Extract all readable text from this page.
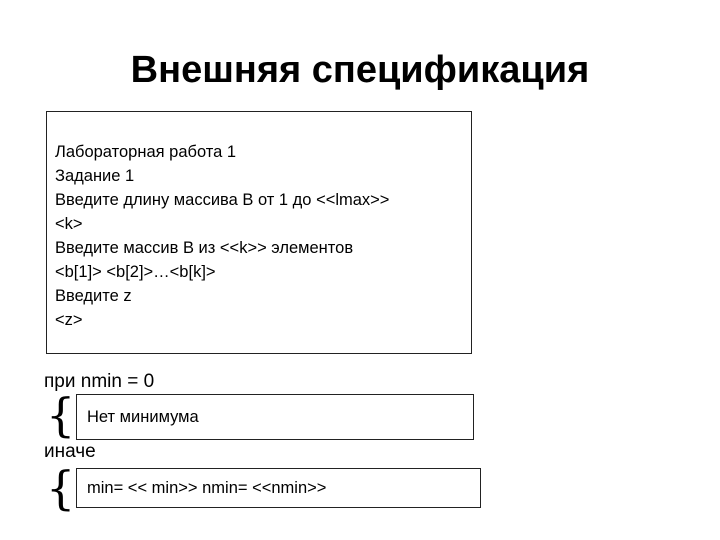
Внешняя спецификация
Лабораторная работа 1
Задание 1
Введите длину массива В от 1 до <<lmax>>
<k>
Введите массив В из <<k>> элементов
<b[1]> <b[2]>…<b[k]>
Введите z
<z>
при nmin = 0
{ Нет минимума
иначе
{ min= << min>> nmin= <<nmin>>
